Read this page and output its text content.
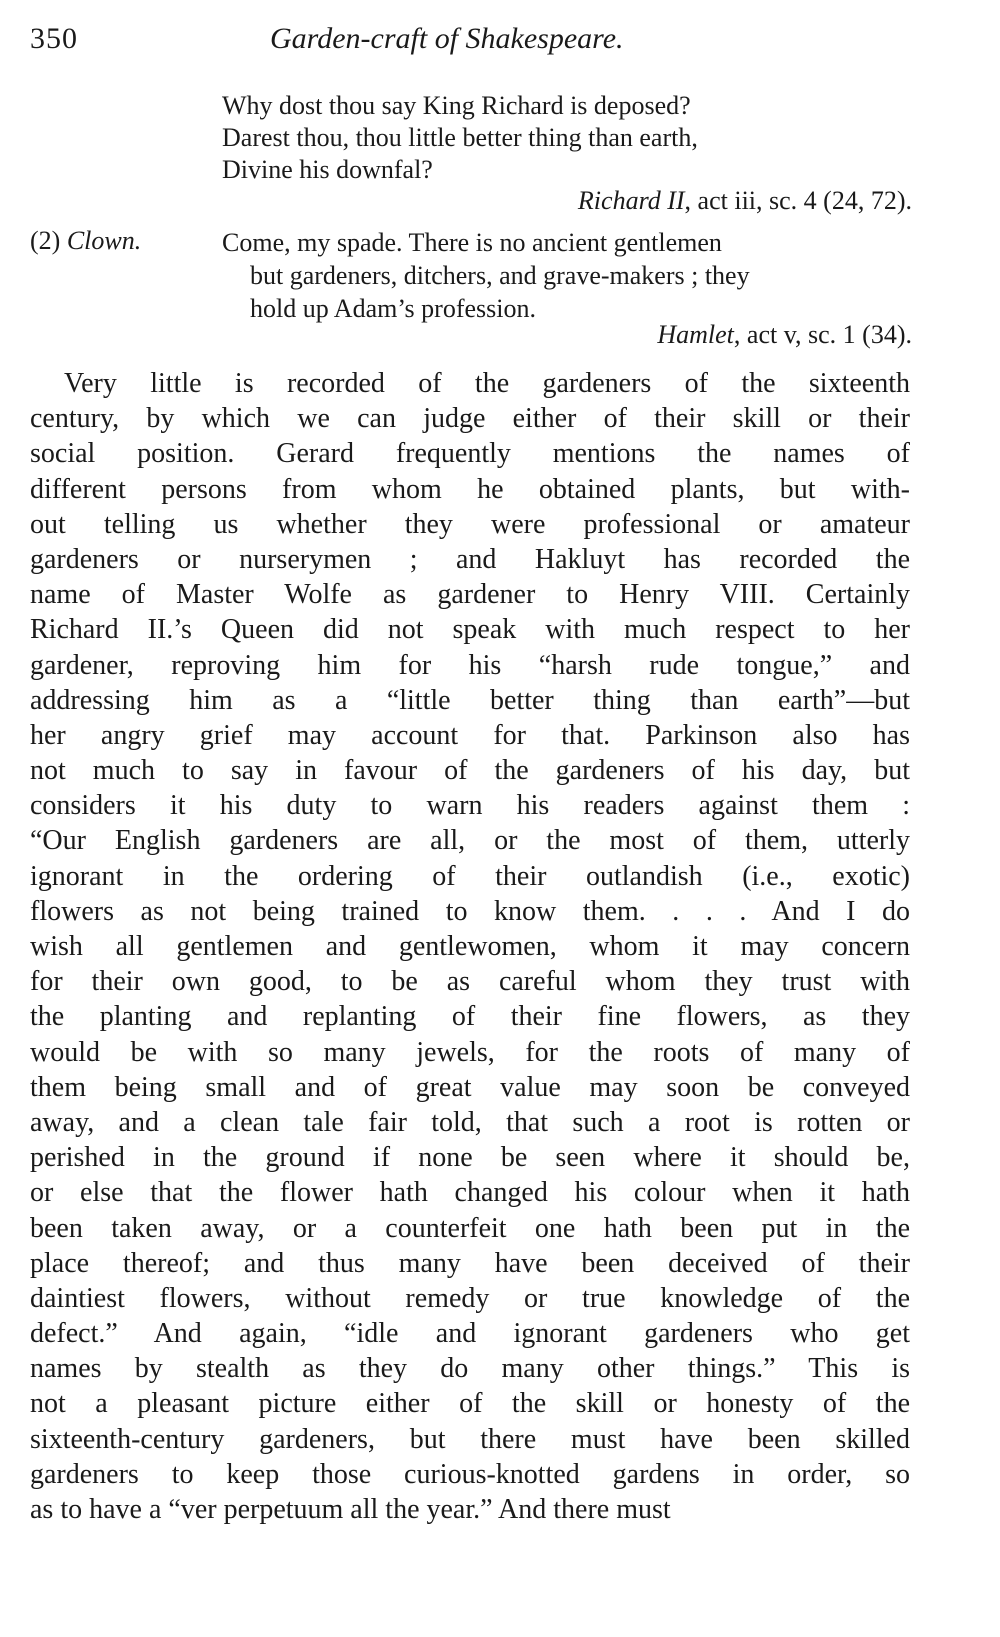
350	Garden-craft of Shakespeare.
Why dost thou say King Richard is deposed?
Darest thou, thou little better thing than earth,
Divine his downfal?
Richard II, act iii, sc. 4 (24, 72).
(2) Clown.	Come, my spade. There is no ancient gentlemen
but gardeners, ditchers, and grave-makers ; they
hold up Adam’s profession.
Hamlet, act v, sc. 1 (34).
Very little is recorded of the gardeners of the sixteenth
century, by which we can judge either of their skill or their
social position. Gerard frequently mentions the names of
different persons from whom he obtained plants, but with-
out telling us whether they were professional or amateur
gardeners or nurserymen ; and Hakluyt has recorded the
name of Master Wolfe as gardener to Henry VIII. Certainly
Richard II.’s Queen did not speak with much respect to her
gardener, reproving him for his “harsh rude tongue,” and
addressing him as a “little better thing than earth”—but
her angry grief may account for that. Parkinson also has
not much to say in favour of the gardeners of his day, but
considers it his duty to warn his readers against them :
“Our English gardeners are all, or the most of them, utterly
ignorant in the ordering of their outlandish (i.e., exotic)
flowers as not being trained to know them. . . . And I do
wish all gentlemen and gentlewomen, whom it may concern
for their own good, to be as careful whom they trust with
the planting and replanting of their fine flowers, as they
would be with so many jewels, for the roots of many of
them being small and of great value may soon be conveyed
away, and a clean tale fair told, that such a root is rotten or
perished in the ground if none be seen where it should be,
or else that the flower hath changed his colour when it hath
been taken away, or a counterfeit one hath been put in the
place thereof; and thus many have been deceived of their
daintiest flowers, without remedy or true knowledge of the
defect.” And again, “idle and ignorant gardeners who get
names by stealth as they do many other things.” This is
not a pleasant picture either of the skill or honesty of the
sixteenth-century gardeners, but there must have been skilled
gardeners to keep those curious-knotted gardens in order, so
as to have a “ver perpetuum all the year.” And there must
